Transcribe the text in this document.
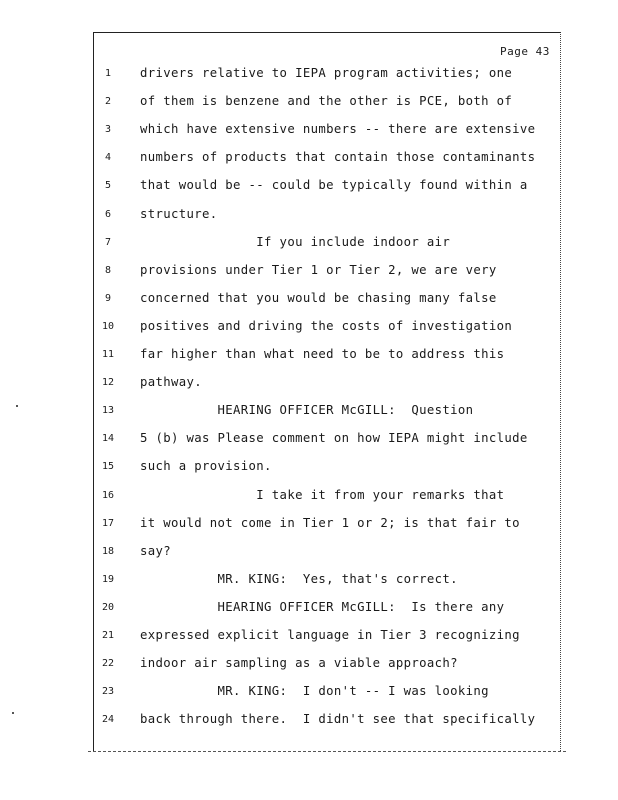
Page 43
1	drivers relative to IEPA program activities; one
2	of them is benzene and the other is PCE, both of
3	which have extensive numbers -- there are extensive
4	numbers of products that contain those contaminants
5	that would be -- could be typically found within a
6	structure.
7	If you include indoor air
8	provisions under Tier 1 or Tier 2, we are very
9	concerned that you would be chasing many false
10	positives and driving the costs of investigation
11	far higher than what need to be to address this
12	pathway.
13	HEARING OFFICER McGILL:  Question
14	5 (b) was Please comment on how IEPA might include
15	such a provision.
16	I take it from your remarks that
17	it would not come in Tier 1 or 2; is that fair to
18	say?
19	MR. KING:  Yes, that's correct.
20	HEARING OFFICER McGILL:  Is there any
21	expressed explicit language in Tier 3 recognizing
22	indoor air sampling as a viable approach?
23	MR. KING:  I don't -- I was looking
24	back through there.  I didn't see that specifically
